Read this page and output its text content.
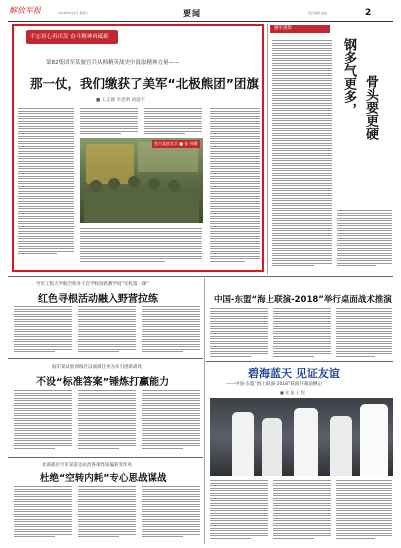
解放军报	2018年8月4日 星期六	要闻	责任编辑 赵丽	2
不忘初心再出发 奋斗精神再砥砺
第82集团军某旅官兵从师精英战史中汲取精神力量——
那一仗，我们缴获了美军“北极熊团”团旗
■ 王志刚 李思明 胡超宇
图为某旅官兵 ■ 张 伟摄
强军观察
钢多气更多， 骨头要更硬
空军工程大学航空机务士官学校创新教学同“军校第一课”
红色寻根活动融入野营拉练	中国-东盟“海上联演-2018”举行桌面战术推演
碧海蓝天 见证友谊
——中国-东盟“海上联演-2018”联演开幕前侧记
■ 张 磊 王 程
海军某试验训练区以演训任务为牵引创新训风
不设“标准答案”锤炼打赢能力
北部战区空军某雷达站治各项性质偏转变作风
杜绝“空转内耗”专心思战谋战
